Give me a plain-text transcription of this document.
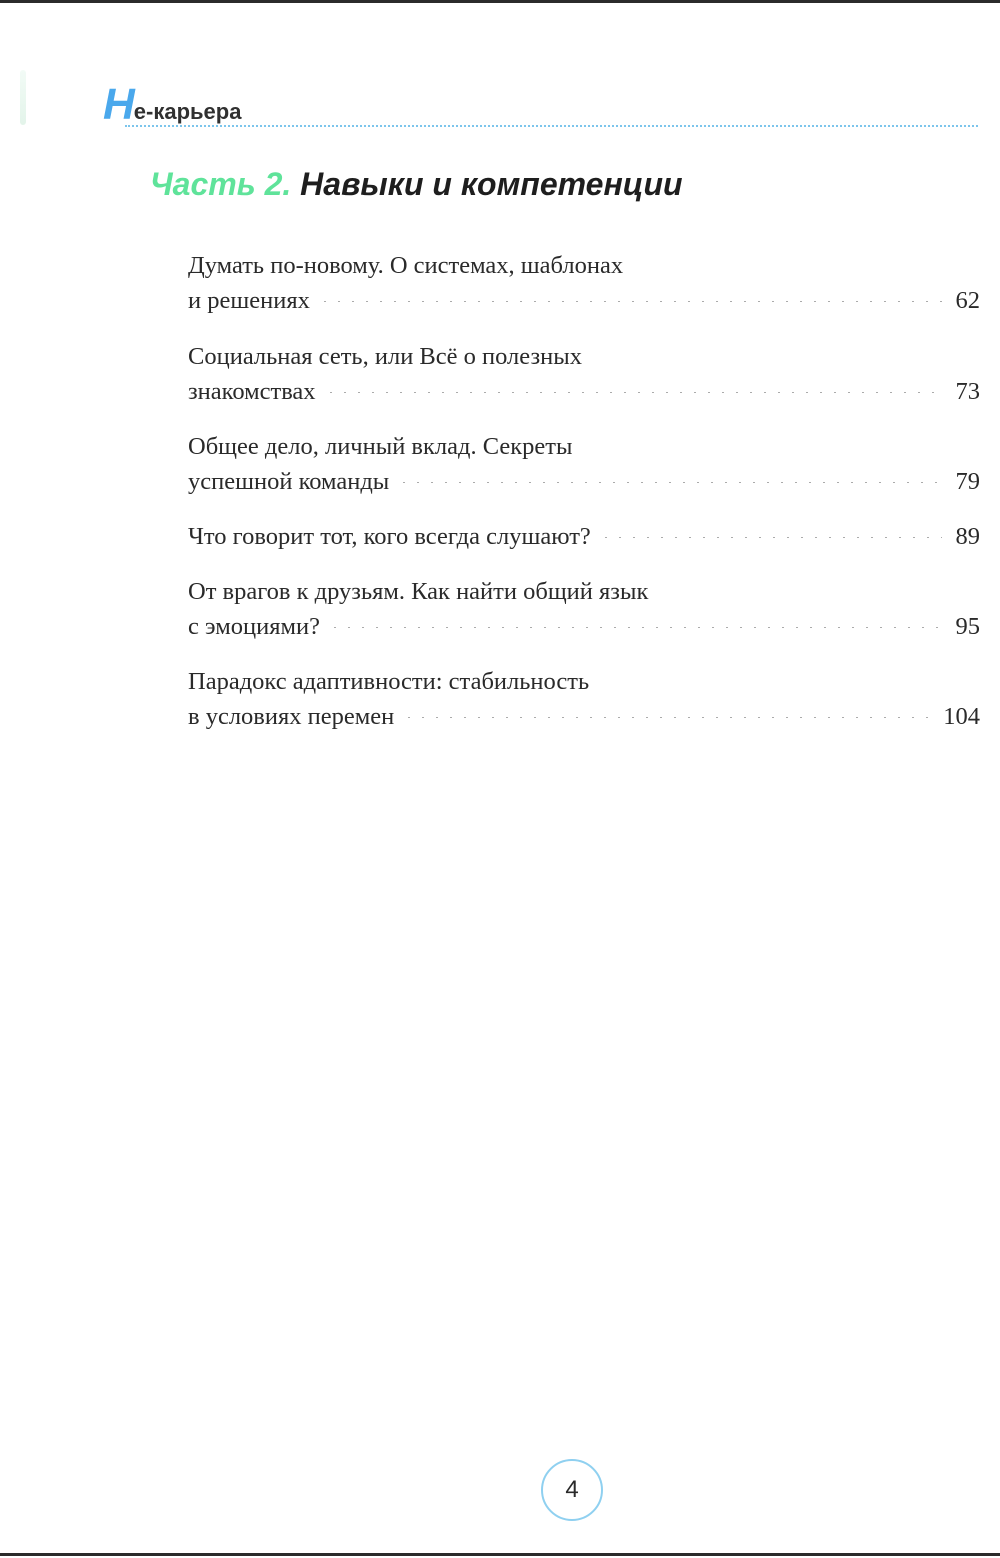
Не-карьера
Часть 2. Навыки и компетенции
Думать по-новому. О системах, шаблонах
и решениях	62
Социальная сеть, или Всё о полезных
знакомствах	73
Общее дело, личный вклад. Секреты
успешной команды	79
Что говорит тот, кого всегда слушают?	89
От врагов к друзьям. Как найти общий язык
с эмоциями?	95
Парадокс адаптивности: стабильность
в условиях перемен	104
4
